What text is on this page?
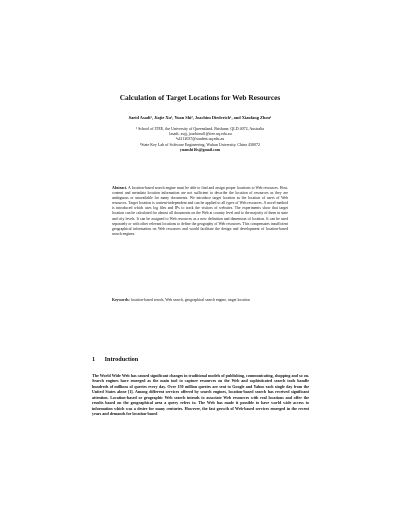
Calculation of Target Locations for Web Resources
Saeid Asadi¹, Jiajie Xu¹, Yuan Shi², Joachim Diederich¹, and Xiaofang Zhou¹
¹ School of ITEE, the University of Queensland, Brisbane, QLD 4072, Australia
{asadi, xujj, joachimd}@itee.uq.edu.au
²s4112037@student.uq.edu.au
³State Key Lab of Software Engineering, Wuhan University, China 430072
yuanshi16s@gmail.com
Abstract. A location-based search engine must be able to find and assign proper locations to Web resources. Host, content and metadata location information are not sufficient to describe the location of resources as they are ambiguous or unavailable for many documents. We introduce target location as the location of users of Web resources. Target location is content-independent and can be applied to all types of Web resources. A novel method is introduced which uses log files and IPs to track the visitors of websites. The experiments show that target location can be calculated for almost all documents on the Web at country level and to the majority of them in state and city levels. It can be assigned to Web resources as a new definition and dimension of location. It can be used separately or with other relevant locations to define the geography of Web resources. This compensates insufficient geographical information on Web resources and would facilitate the design and development of location-based search engines.
Keywords: location-based search, Web search, geographical search engine, target location
1 Introduction
The World Wide Web has caused significant changes in traditional models of publishing, communicating, shopping and so on. Search engines have emerged as the main tool to capture resources on the Web and sophisticated search tools handle hundreds of millions of queries every day. Over 150 million queries are sent to Google and Yahoo each single day from the United States alone [1]. Among different services offered by search engines, location-based search has received significant attention. Location-based or geographic Web search intends to associate Web resources with real locations and offer the results based on the geographical area a query refers to. The Web has made it possible to have world wide access to information which was a desire for many centuries. However, the fast growth of Web-based services emerged in the recent years and demands for location-based
